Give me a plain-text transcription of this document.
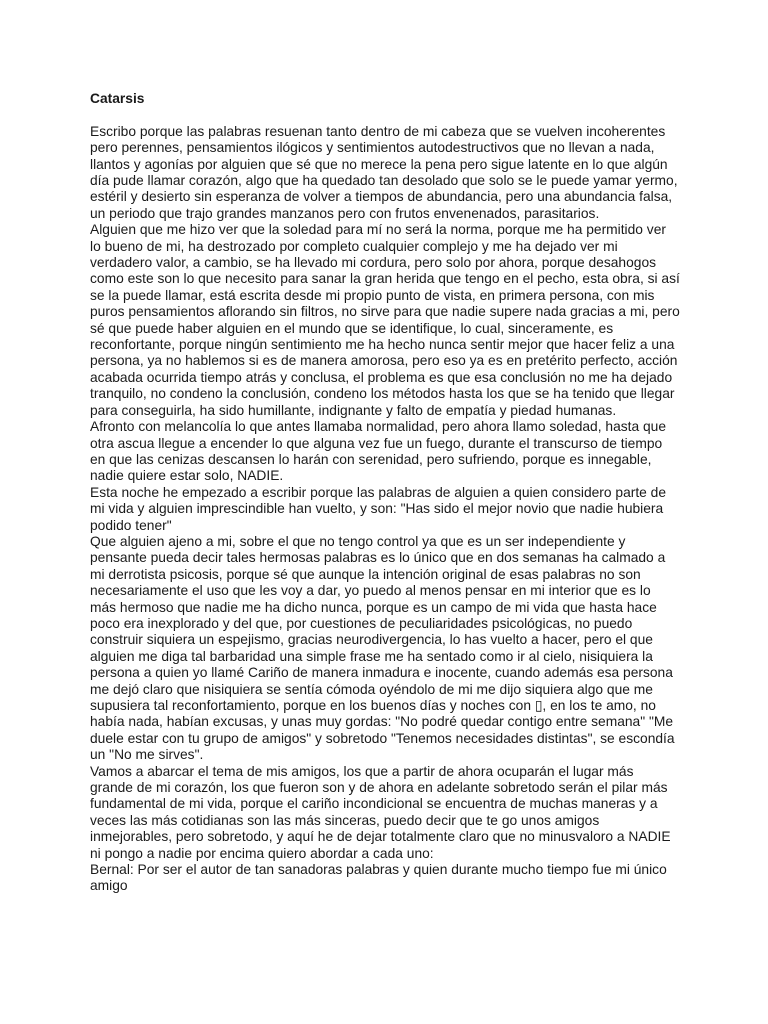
Catarsis

Escribo porque las palabras resuenan tanto dentro de mi cabeza que se vuelven incoherentes pero perennes, pensamientos ilógicos y sentimientos autodestructivos que no llevan a nada, llantos y agonías por alguien que sé que no merece la pena pero sigue latente en lo que algún día pude llamar corazón, algo que ha quedado tan desolado que solo se le puede yamar yermo, estéril y desierto sin esperanza de volver a tiempos de abundancia, pero una abundancia falsa, un periodo que trajo grandes manzanos pero con frutos envenenados, parasitarios.

Alguien que me hizo ver que la soledad para mí no será la norma, porque me ha permitido ver lo bueno de mi, ha destrozado por completo cualquier complejo y me ha dejado ver mi verdadero valor, a cambio, se ha llevado mi cordura, pero solo por ahora, porque desahogos como este son lo que necesito para sanar la gran herida que tengo en el pecho, esta obra, si así se la puede llamar, está escrita desde mi propio punto de vista, en primera persona, con mis puros pensamientos aflorando sin filtros, no sirve para que nadie supere nada gracias a mi, pero sé que puede haber alguien en el mundo que se identifique, lo cual, sinceramente, es reconfortante, porque ningún sentimiento me ha hecho nunca sentir mejor que hacer feliz a una persona, ya no hablemos si es de manera amorosa, pero eso ya es en pretérito perfecto, acción acabada ocurrida tiempo atrás y conclusa, el problema es que esa conclusión no me ha dejado tranquilo, no condeno la conclusión, condeno los métodos hasta los que se ha tenido que llegar para conseguirla, ha sido humillante, indignante y falto de empatía y piedad humanas.

Afronto con melancolía lo que antes llamaba normalidad, pero ahora llamo soledad, hasta que otra ascua llegue a encender lo que alguna vez fue un fuego, durante el transcurso de tiempo en que las cenizas descansen lo harán con serenidad, pero sufriendo, porque es innegable, nadie quiere estar solo, NADIE.

Esta noche he empezado a escribir porque las palabras de alguien a quien considero parte de mi vida y alguien imprescindible han vuelto, y son: "Has sido el mejor novio que nadie hubiera podido tener"

Que alguien ajeno a mi, sobre el que no tengo control ya que es un ser independiente y pensante pueda decir tales hermosas palabras es lo único que en dos semanas ha calmado a mi derrotista psicosis, porque sé que aunque la intención original de esas palabras no son necesariamente el uso que les voy a dar, yo puedo al menos pensar en mi interior que es lo más hermoso que nadie me ha dicho nunca, porque es un campo de mi vida que hasta hace poco era inexplorado y del que, por cuestiones de peculiaridades psicológicas, no puedo construir siquiera un espejismo, gracias neurodivergencia, lo has vuelto a hacer, pero el que alguien me diga tal barbaridad una simple frase me ha sentado como ir al cielo, nisiquiera la persona a quien yo llamé Cariño de manera inmadura e inocente, cuando además esa persona me dejó claro que nisiquiera se sentía cómoda oyéndolo de mi me dijo siquiera algo que me supusiera tal reconfortamiento, porque en los buenos días y noches con ▯, en los te amo, no había nada, habían excusas, y unas muy gordas: "No podré quedar contigo entre semana" "Me duele estar con tu grupo de amigos" y sobretodo "Tenemos necesidades distintas", se escondía un "No me sirves".

Vamos a abarcar el tema de mis amigos, los que a partir de ahora ocuparán el lugar más grande de mi corazón, los que fueron son y de ahora en adelante sobretodo serán el pilar más fundamental de mi vida, porque el cariño incondicional se encuentra de muchas maneras y a veces las más cotidianas son las más sinceras, puedo decir que te go unos amigos inmejorables, pero sobretodo, y aquí he de dejar totalmente claro que no minusvaloro a NADIE ni pongo a nadie por encima quiero abordar a cada uno:

Bernal: Por ser el autor de tan sanadoras palabras y quien durante mucho tiempo fue mi único amigo
